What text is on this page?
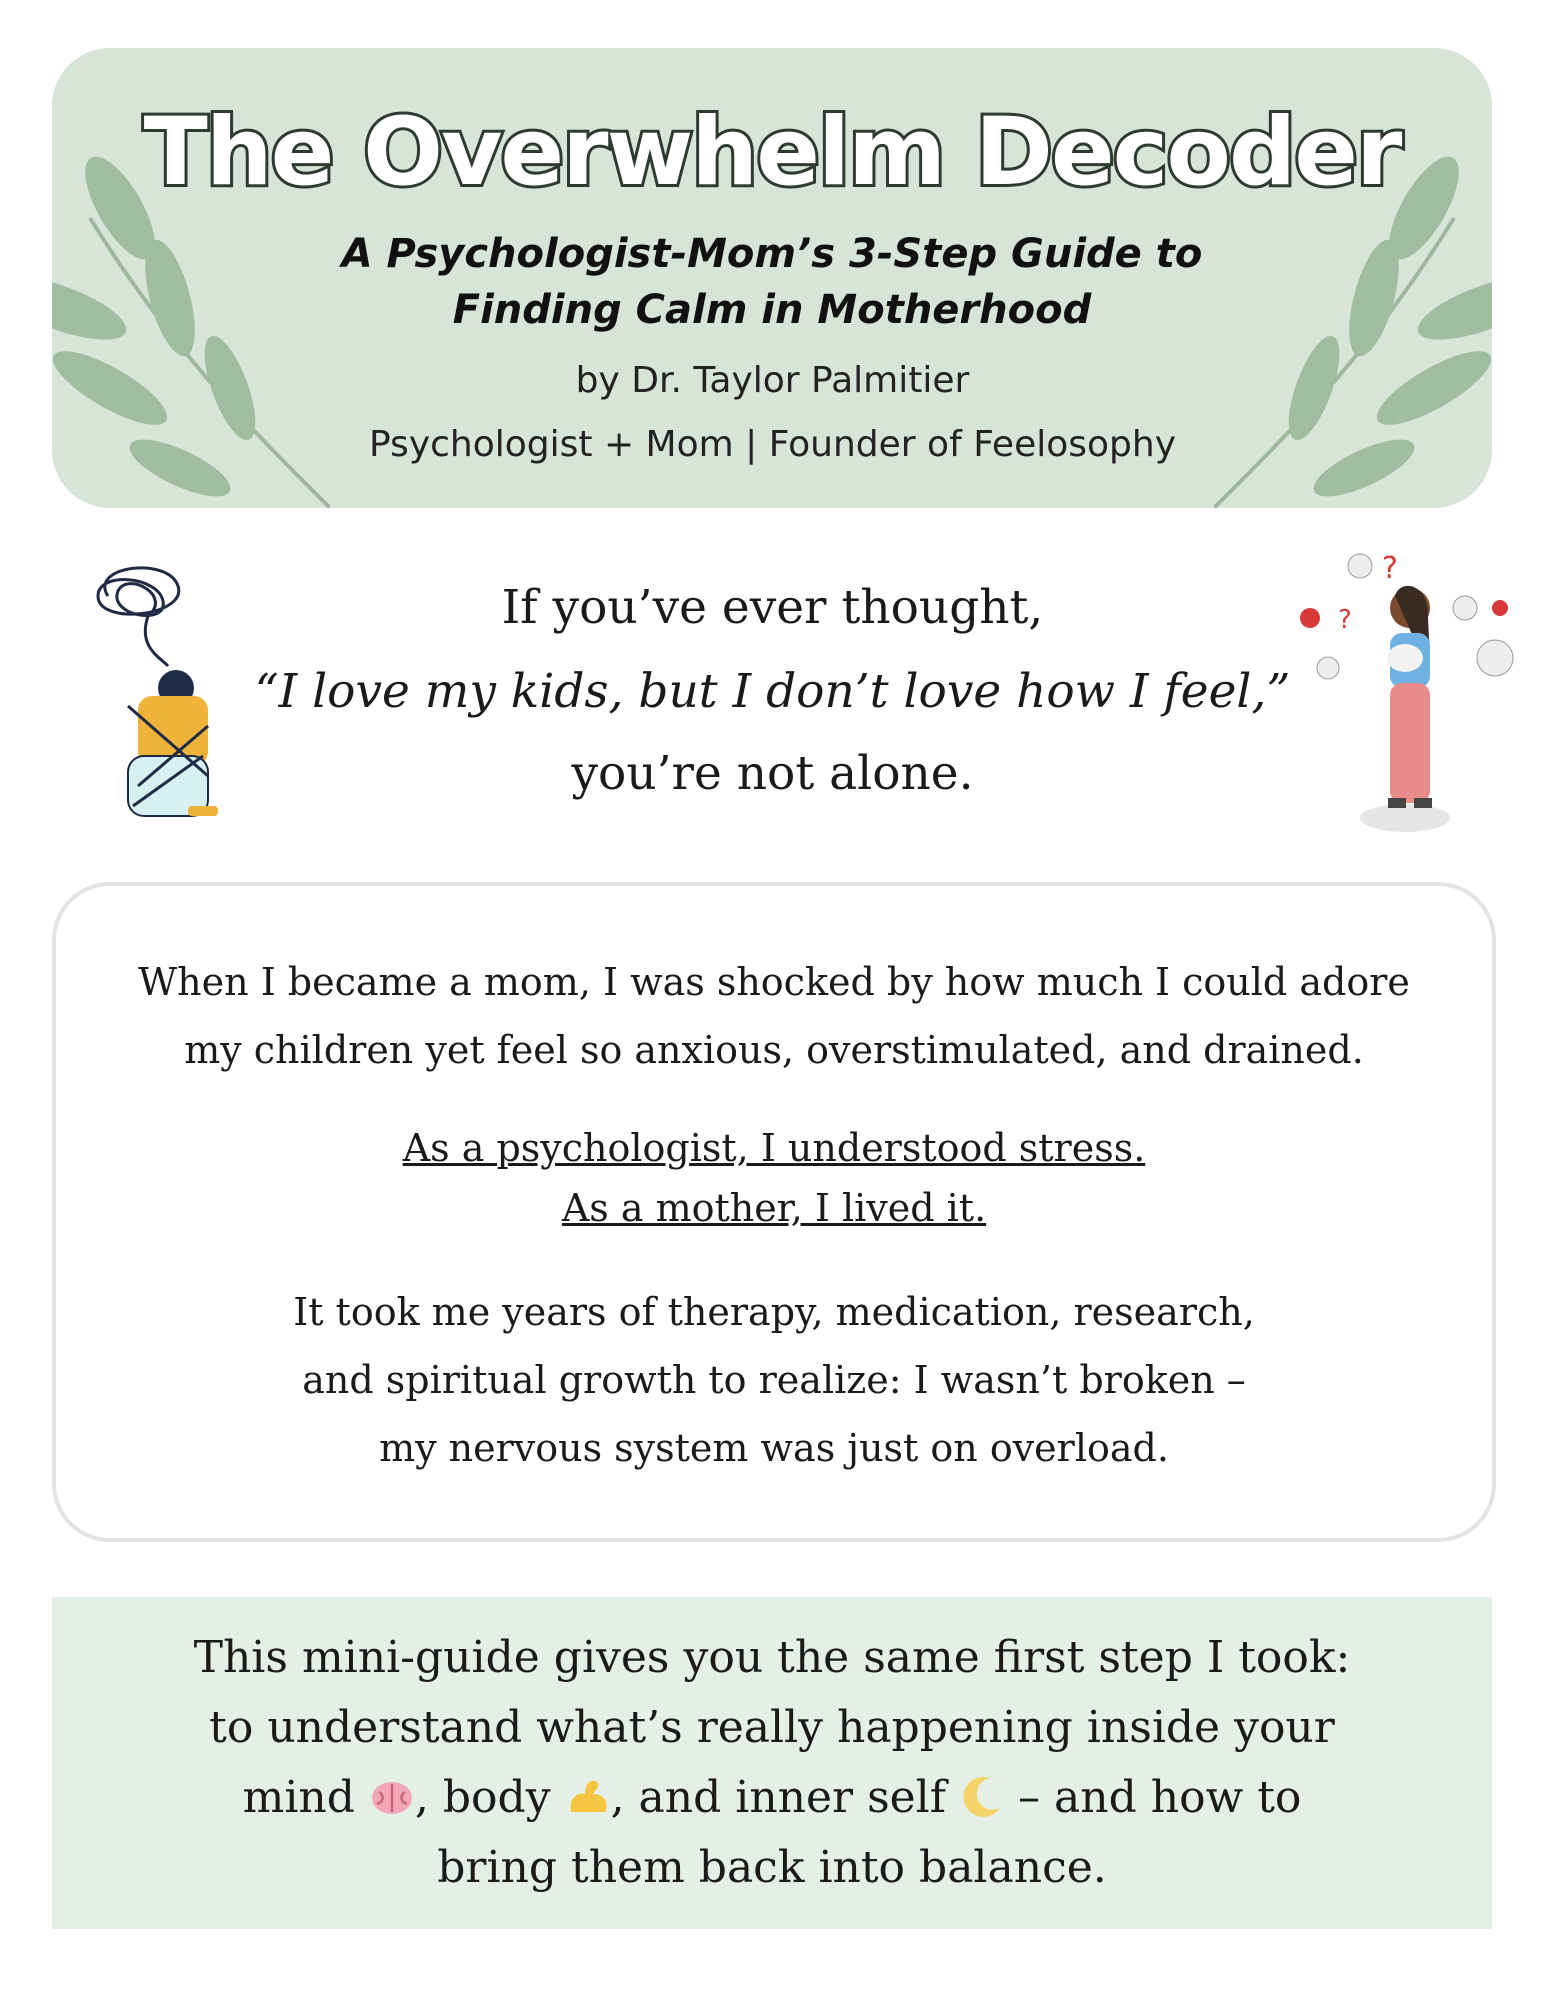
The Overwhelm Decoder

A Psychologist-Mom’s 3-Step Guide to
Finding Calm in Motherhood

by Dr. Taylor Palmitier

Psychologist + Mom | Founder of Feelosophy

If you’ve ever thought,

“I love my kids, but I don’t love how I feel,”

you’re not alone.

?
?

When I became a mom, I was shocked by how much I could adore
my children yet feel so anxious, overstimulated, and drained.

As a psychologist, I understood stress.
As a mother, I lived it.

It took me years of therapy, medication, research,
and spiritual growth to realize: I wasn’t broken –
my nervous system was just on overload.

This mini-guide gives you the same first step I took:
to understand what’s really happening inside your
mind , body , and inner self  – and how to
bring them back into balance.
